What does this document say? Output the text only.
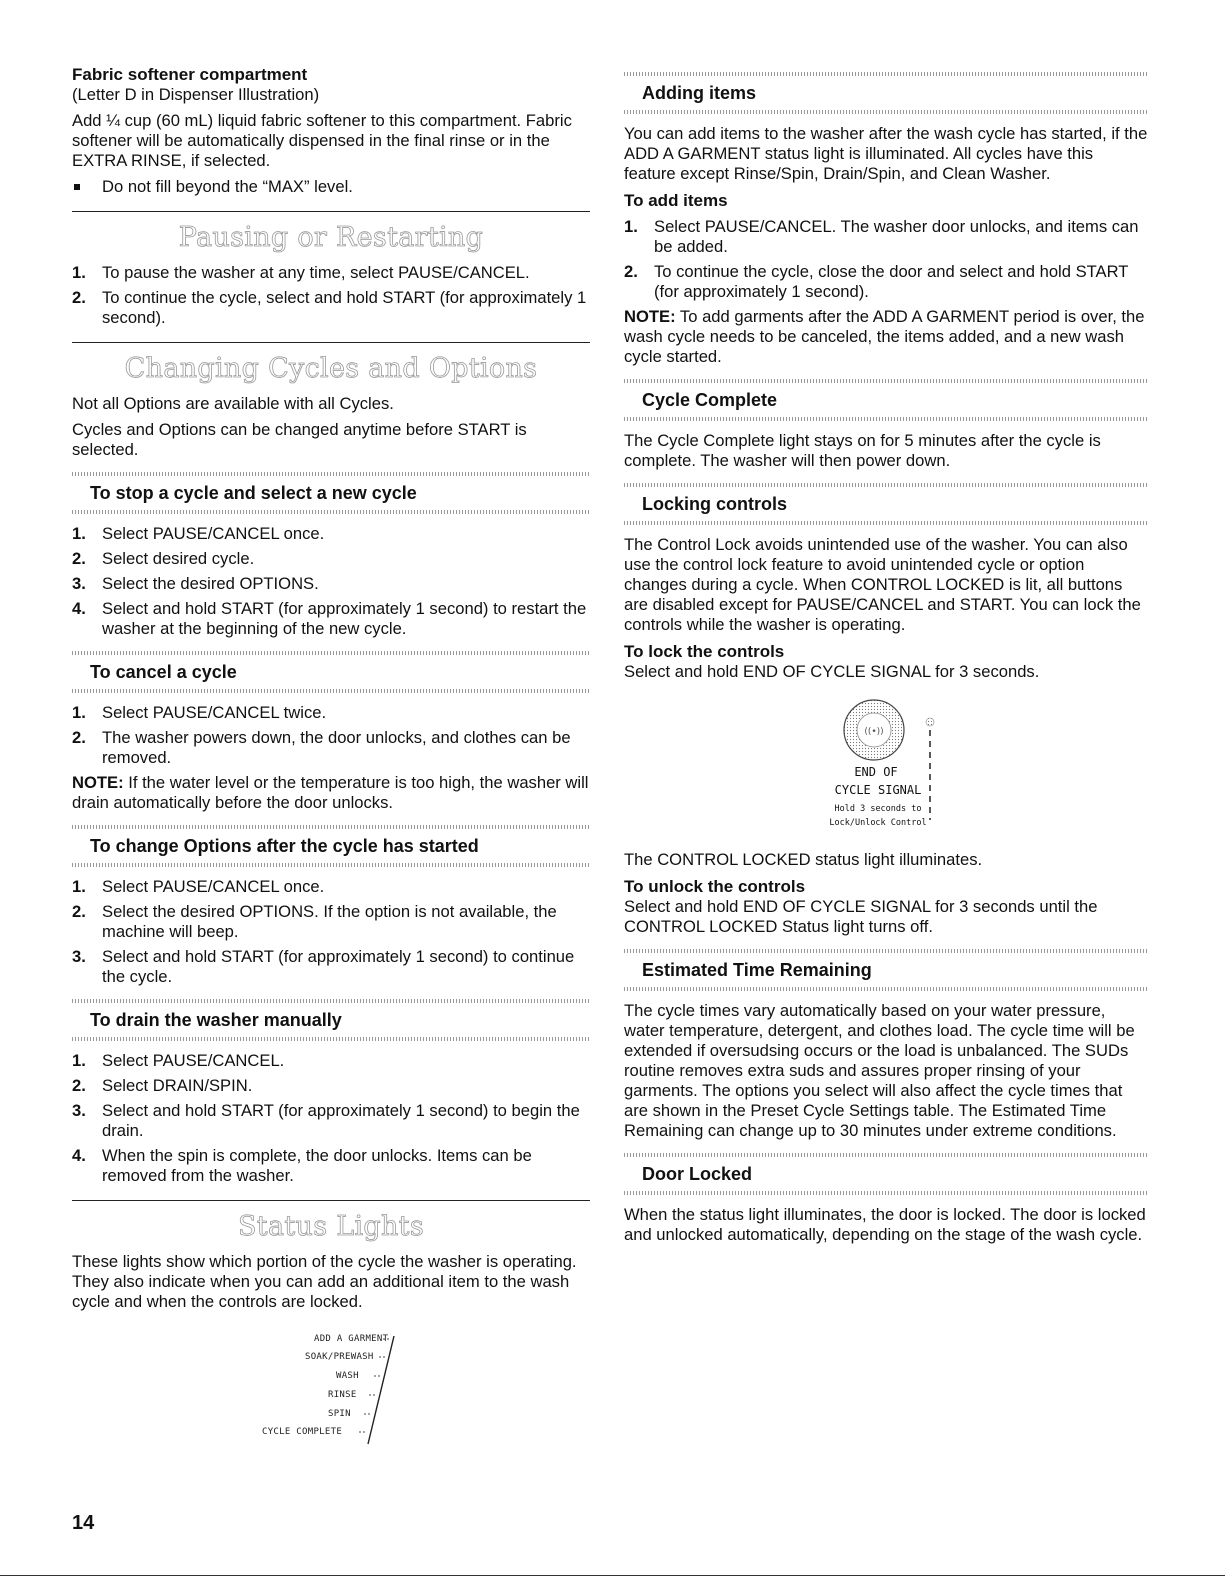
Fabric softener compartment

(Letter D in Dispenser Illustration)

Add ¼ cup (60 mL) liquid fabric softener to this compartment. Fabric softener will be automatically dispensed in the final rinse or in the EXTRA RINSE, if selected.

Do not fill beyond the “MAX” level.
Pausing or Restarting
1. To pause the washer at any time, select PAUSE/CANCEL.
2. To continue the cycle, select and hold START (for approximately 1 second).
Changing Cycles and Options

Not all Options are available with all Cycles.

Cycles and Options can be changed anytime before START is selected.

To stop a cycle and select a new cycle
1. Select PAUSE/CANCEL once.
2. Select desired cycle.
3. Select the desired OPTIONS.
4. Select and hold START (for approximately 1 second) to restart the washer at the beginning of the new cycle.
To cancel a cycle
1. Select PAUSE/CANCEL twice.
2. The washer powers down, the door unlocks, and clothes can be removed.

NOTE: If the water level or the temperature is too high, the washer will drain automatically before the door unlocks.

To change Options after the cycle has started
1. Select PAUSE/CANCEL once.
2. Select the desired OPTIONS. If the option is not available, the machine will beep.
3. Select and hold START (for approximately 1 second) to continue the cycle.
To drain the washer manually
1. Select PAUSE/CANCEL.
2. Select DRAIN/SPIN.
3. Select and hold START (for approximately 1 second) to begin the drain.
4. When the spin is complete, the door unlocks. Items can be removed from the washer.
Status Lights

These lights show which portion of the cycle the washer is operating. They also indicate when you can add an additional item to the wash cycle and when the controls are locked.

ADD A GARMENT
SOAK/PREWASH
WASH
RINSE
SPIN
CYCLE COMPLETE
Adding items

You can add items to the washer after the wash cycle has started, if the ADD A GARMENT status light is illuminated. All cycles have this feature except Rinse/Spin, Drain/Spin, and Clean Washer.

To add items

1. Select PAUSE/CANCEL. The washer door unlocks, and items can be added.
2. To continue the cycle, close the door and select and hold START (for approximately 1 second).

NOTE: To add garments after the ADD A GARMENT period is over, the wash cycle needs to be canceled, the items added, and a new wash cycle started.

Cycle Complete

The Cycle Complete light stays on for 5 minutes after the cycle is complete. The washer will then power down.

Locking controls

The Control Lock avoids unintended use of the washer. You can also use the control lock feature to avoid unintended cycle or option changes during a cycle. When CONTROL LOCKED is lit, all buttons are disabled except for PAUSE/CANCEL and START. You can lock the controls while the washer is operating.

To lock the controls

Select and hold END OF CYCLE SIGNAL for 3 seconds.

((•))
END OF
CYCLE SIGNAL
Hold 3 seconds to
Lock/Unlock Control

The CONTROL LOCKED status light illuminates.

To unlock the controls

Select and hold END OF CYCLE SIGNAL for 3 seconds until the CONTROL LOCKED Status light turns off.

Estimated Time Remaining

The cycle times vary automatically based on your water pressure, water temperature, detergent, and clothes load. The cycle time will be extended if oversudsing occurs or the load is unbalanced. The SUDs routine removes extra suds and assures proper rinsing of your garments. The options you select will also affect the cycle times that are shown in the Preset Cycle Settings table. The Estimated Time Remaining can change up to 30 minutes under extreme conditions.

Door Locked

When the status light illuminates, the door is locked. The door is locked and unlocked automatically, depending on the stage of the wash cycle.

14
